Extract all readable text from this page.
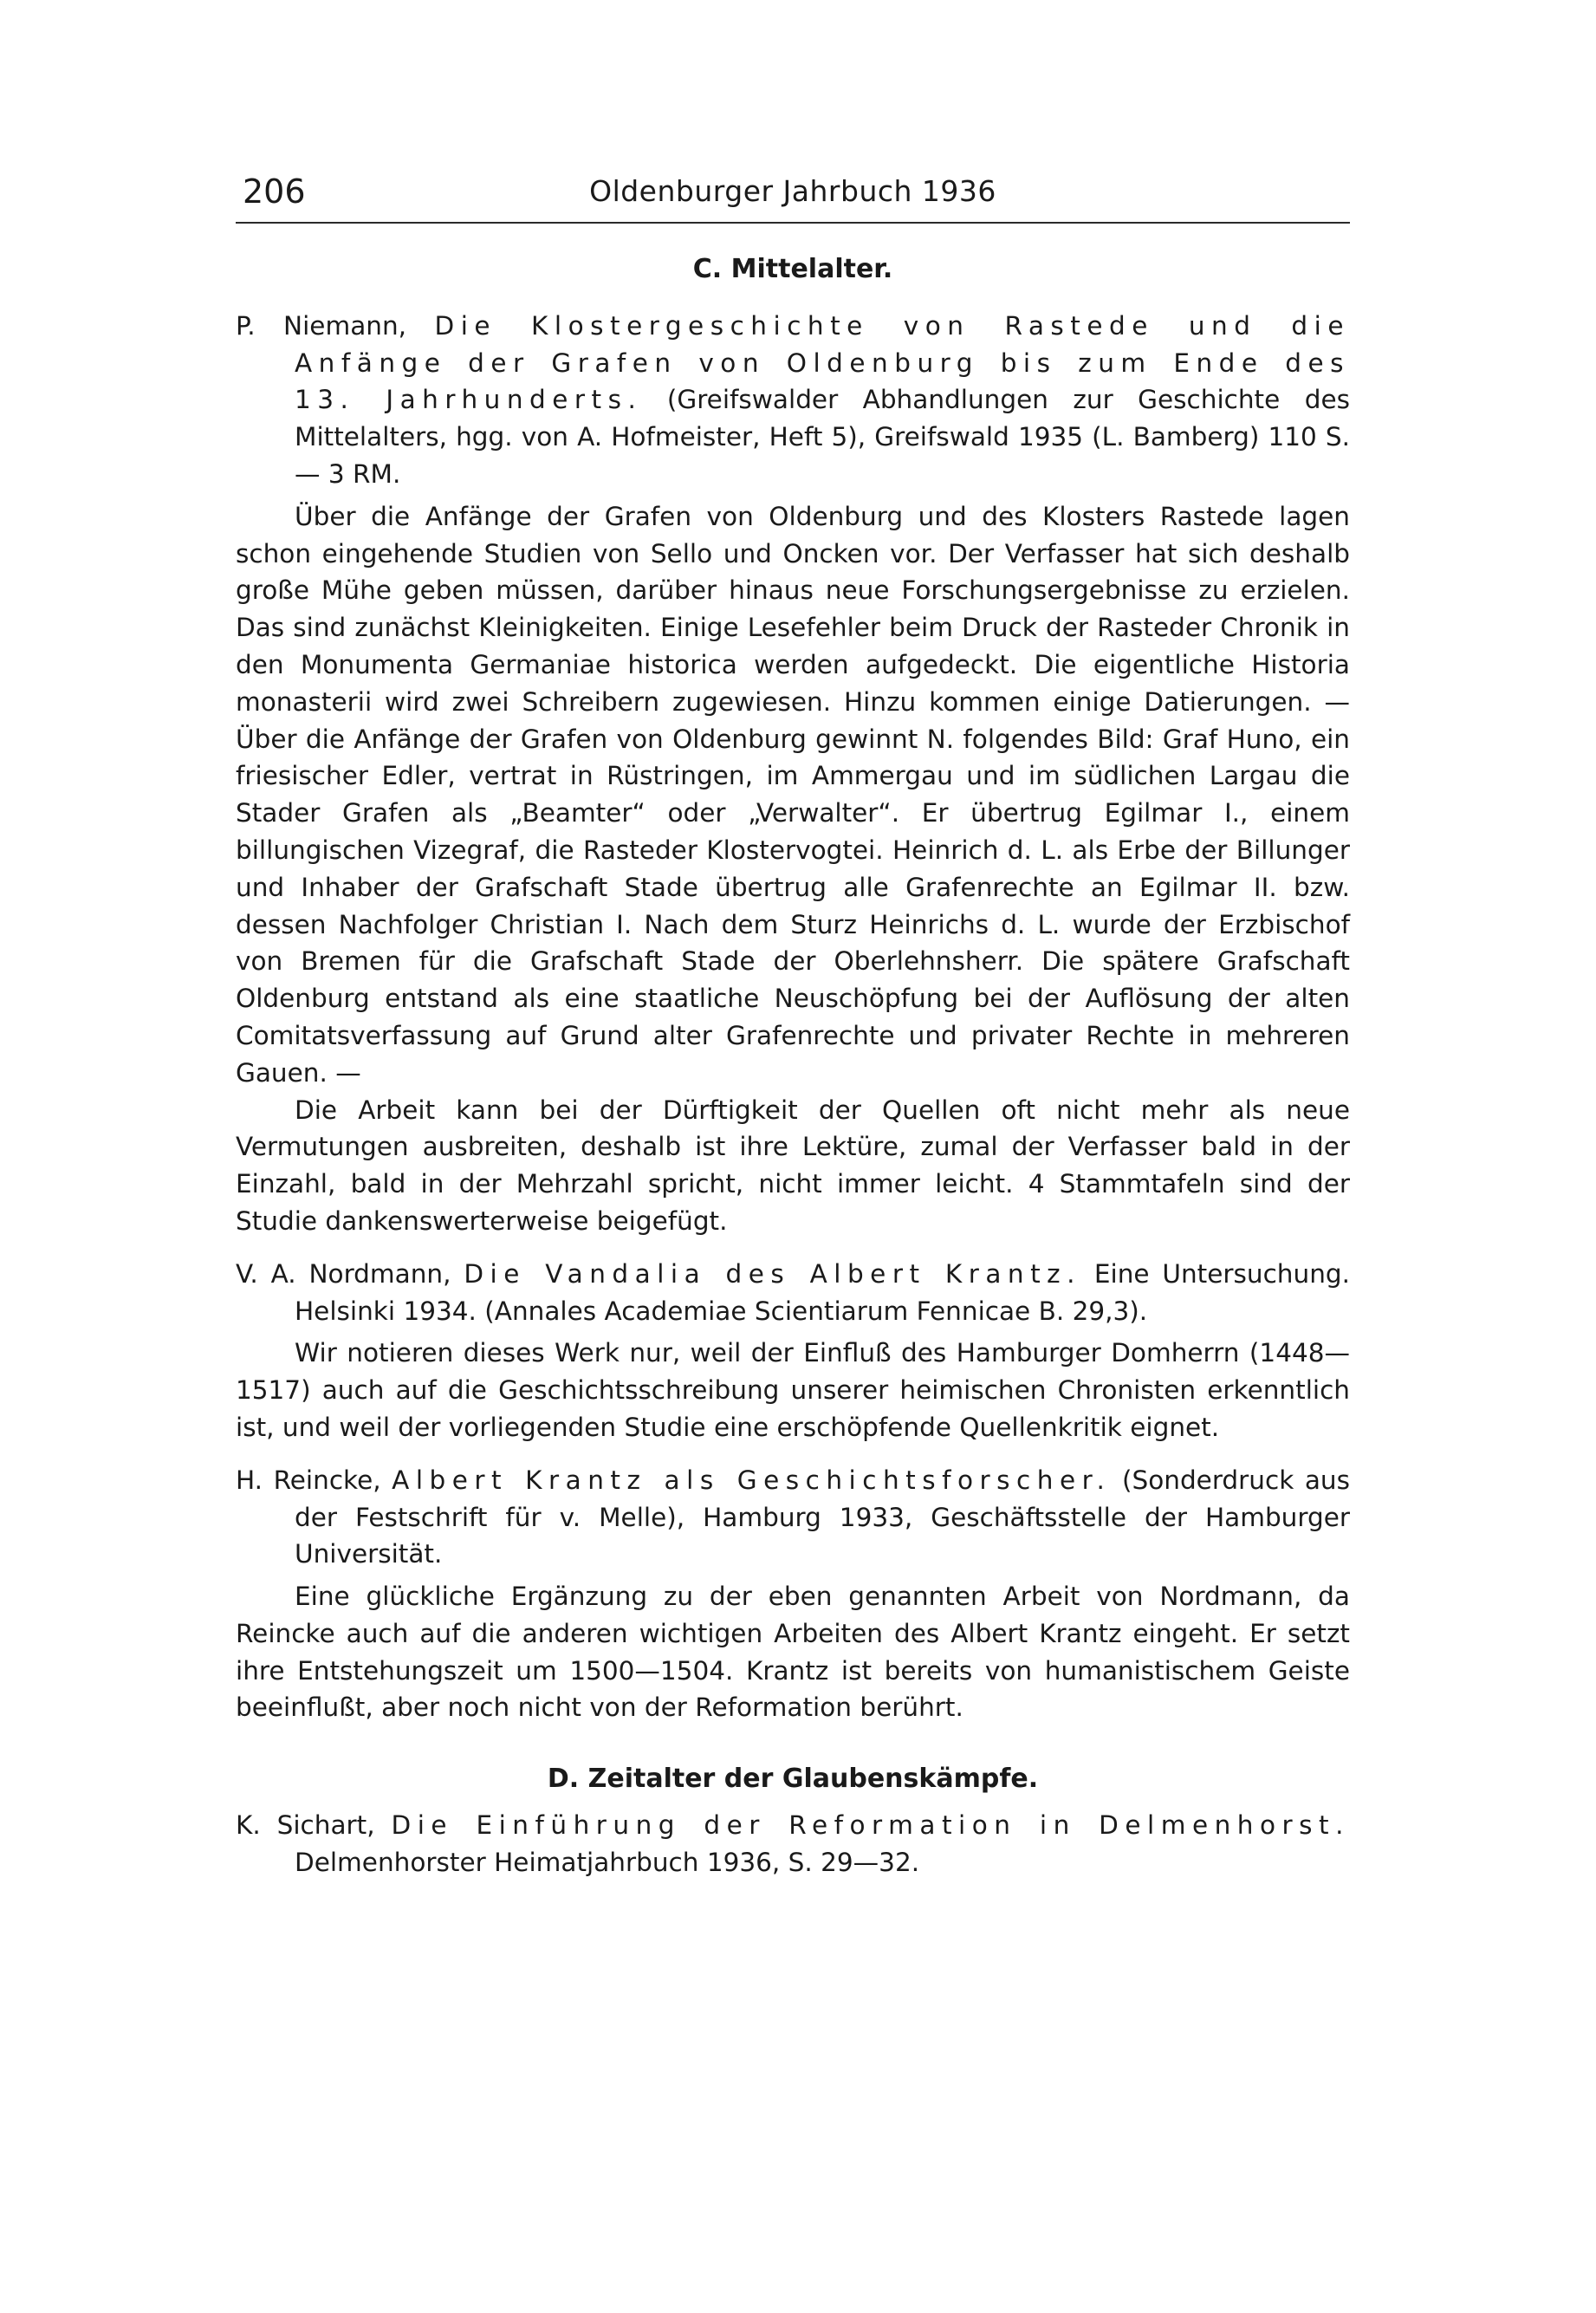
206	Oldenburger Jahrbuch 1936
C. Mittelalter.

P. Niemann, Die Klostergeschichte von Rastede und die Anfänge der Grafen von Oldenburg bis zum Ende des 13. Jahrhunderts. (Greifswalder Abhandlungen zur Geschichte des Mittelalters, hgg. von A. Hofmeister, Heft 5), Greifswald 1935 (L. Bamberg) 110 S. — 3 RM.

Über die Anfänge der Grafen von Oldenburg und des Klosters Rastede lagen schon eingehende Studien von Sello und Oncken vor. Der Verfasser hat sich deshalb große Mühe geben müssen, darüber hinaus neue Forschungsergebnisse zu erzielen. Das sind zunächst Kleinigkeiten. Einige Lesefehler beim Druck der Rasteder Chronik in den Monumenta Germaniae historica werden aufgedeckt. Die eigentliche Historia monasterii wird zwei Schreibern zugewiesen. Hinzu kommen einige Datierungen. — Über die Anfänge der Grafen von Oldenburg gewinnt N. folgendes Bild: Graf Huno, ein friesischer Edler, vertrat in Rüstringen, im Ammergau und im südlichen Largau die Stader Grafen als „Beamter“ oder „Verwalter“. Er übertrug Egilmar I., einem billungischen Vizegraf, die Rasteder Klostervogtei. Heinrich d. L. als Erbe der Billunger und Inhaber der Grafschaft Stade übertrug alle Grafenrechte an Egilmar II. bzw. dessen Nachfolger Christian I. Nach dem Sturz Heinrichs d. L. wurde der Erzbischof von Bremen für die Grafschaft Stade der Oberlehnsherr. Die spätere Grafschaft Oldenburg entstand als eine staatliche Neuschöpfung bei der Auflösung der alten Comitatsverfassung auf Grund alter Grafenrechte und privater Rechte in mehreren Gauen. —

Die Arbeit kann bei der Dürftigkeit der Quellen oft nicht mehr als neue Vermutungen ausbreiten, deshalb ist ihre Lektüre, zumal der Verfasser bald in der Einzahl, bald in der Mehrzahl spricht, nicht immer leicht. 4 Stammtafeln sind der Studie dankenswerterweise beigefügt.

V. A. Nordmann, Die Vandalia des Albert Krantz. Eine Untersuchung. Helsinki 1934. (Annales Academiae Scientiarum Fennicae B. 29,3).

Wir notieren dieses Werk nur, weil der Einfluß des Hamburger Domherrn (1448—1517) auch auf die Geschichtsschreibung unserer heimischen Chronisten erkenntlich ist, und weil der vorliegenden Studie eine erschöpfende Quellenkritik eignet.

H. Reincke, Albert Krantz als Geschichtsforscher. (Sonderdruck aus der Festschrift für v. Melle), Hamburg 1933, Geschäftsstelle der Hamburger Universität.

Eine glückliche Ergänzung zu der eben genannten Arbeit von Nordmann, da Reincke auch auf die anderen wichtigen Arbeiten des Albert Krantz eingeht. Er setzt ihre Entstehungszeit um 1500—1504. Krantz ist bereits von humanistischem Geiste beeinflußt, aber noch nicht von der Reformation berührt.

D. Zeitalter der Glaubenskämpfe.

K. Sichart, Die Einführung der Reformation in Delmenhorst. Delmenhorster Heimatjahrbuch 1936, S. 29—32.
